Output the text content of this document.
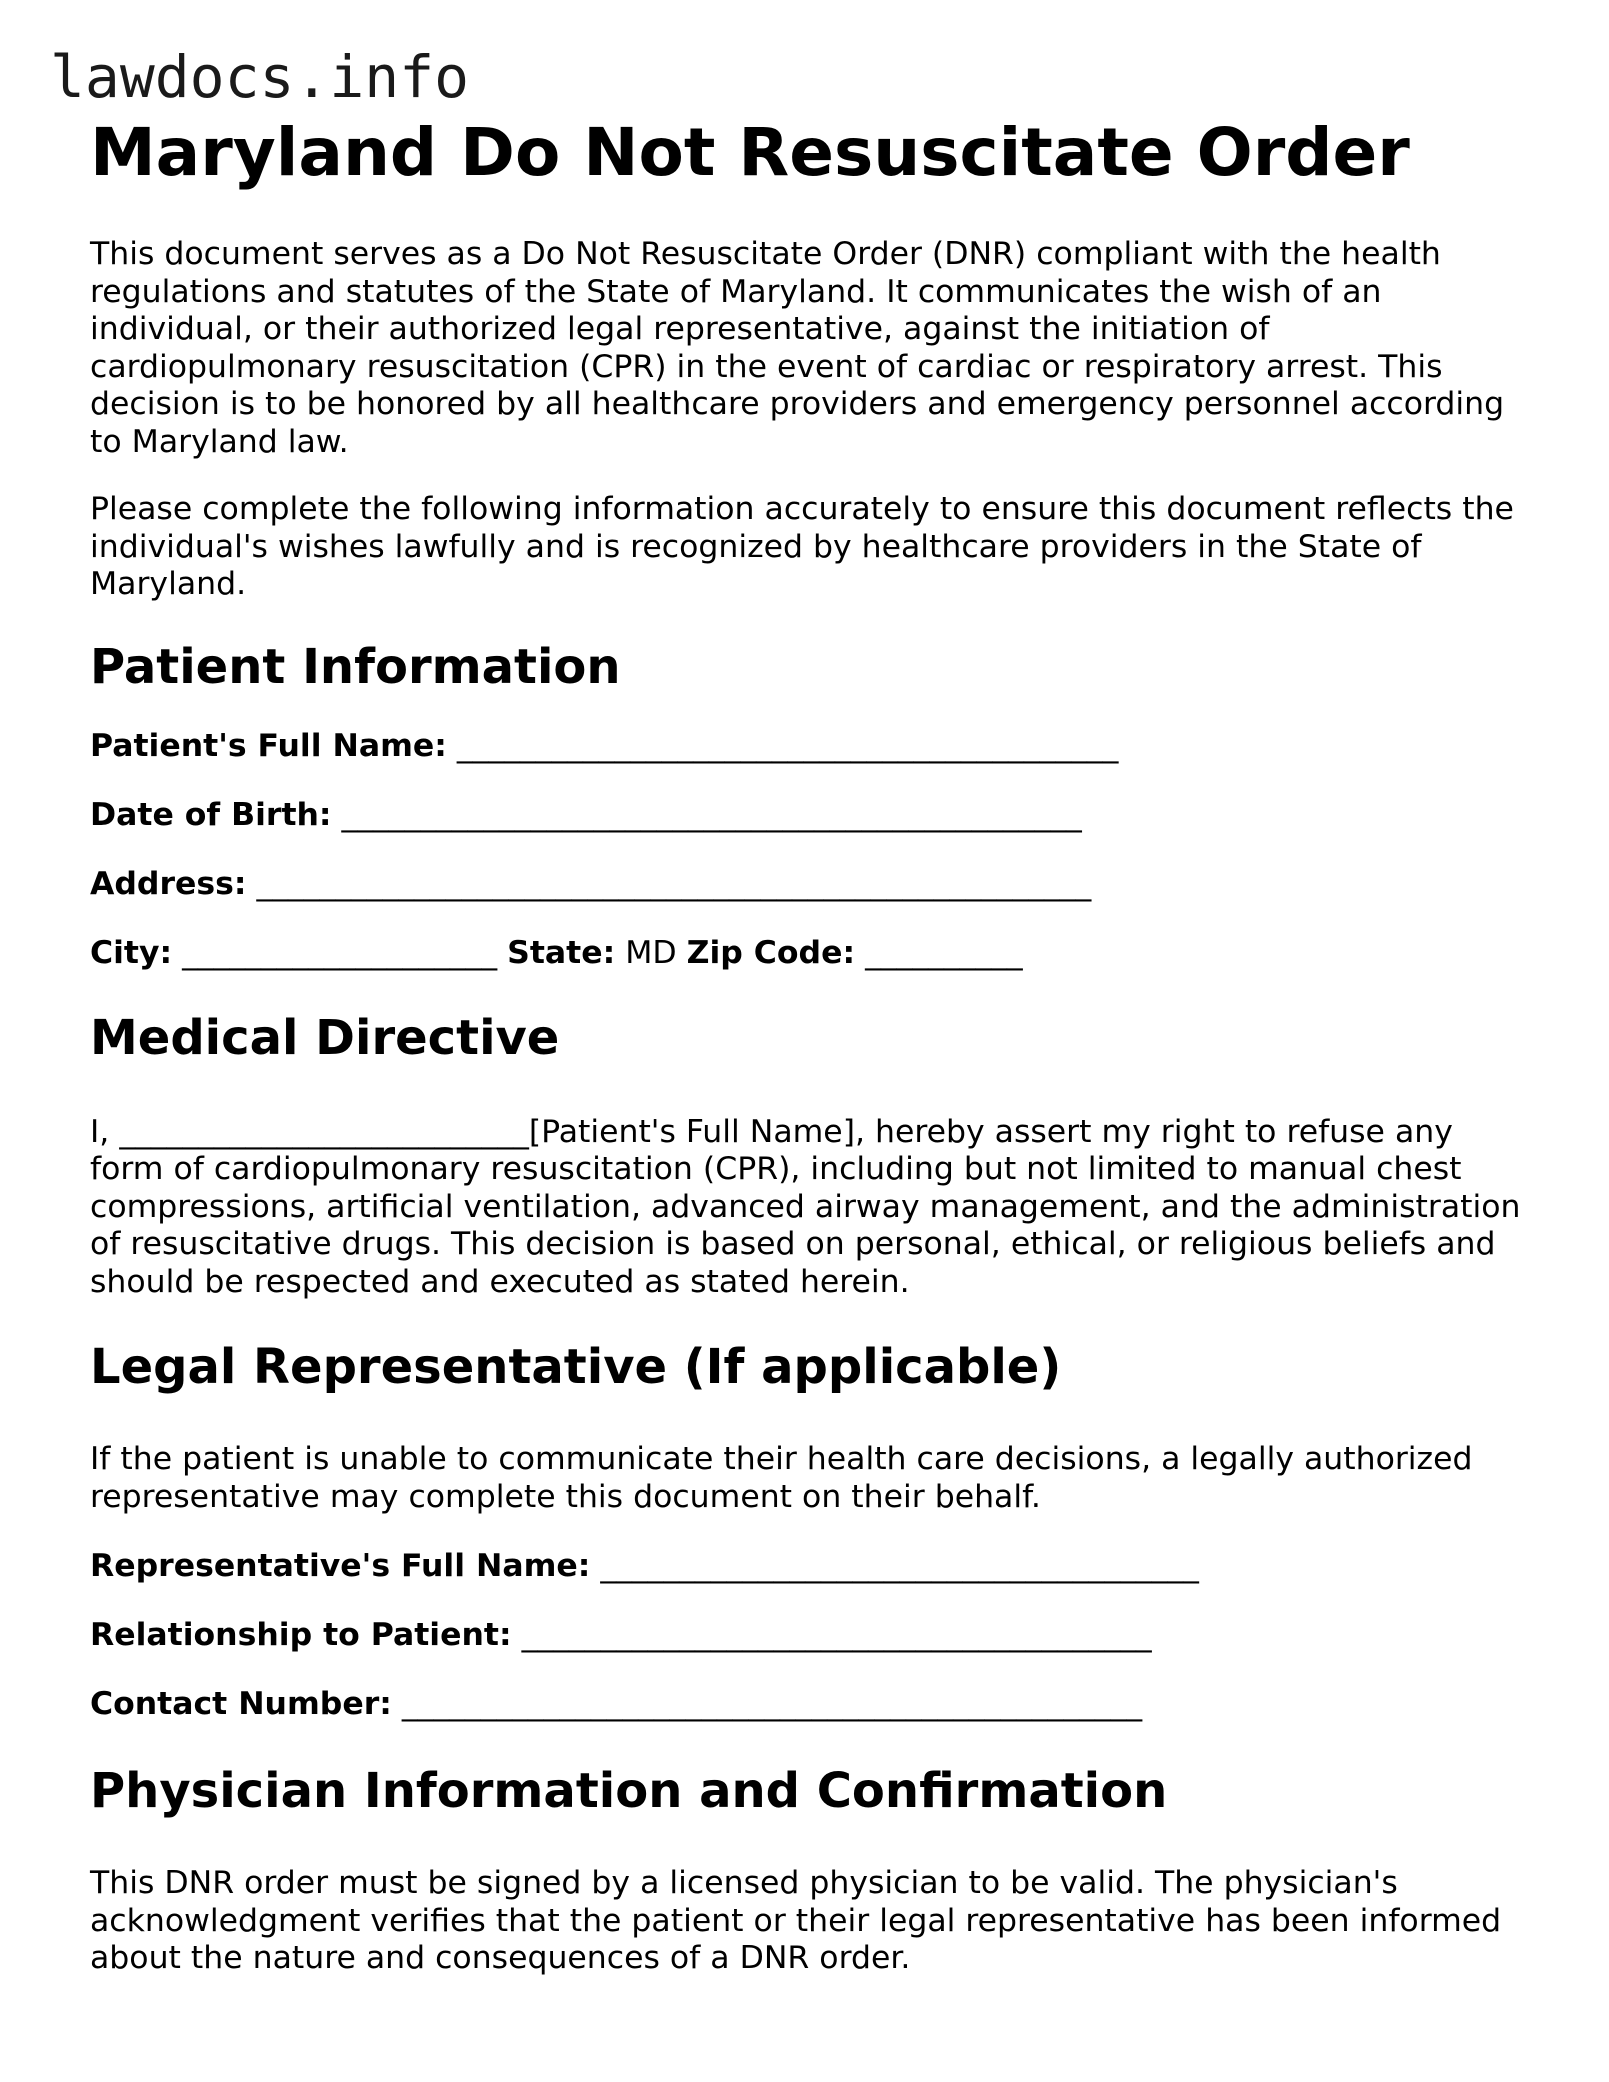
lawdocs.info
Maryland Do Not Resuscitate Order

This document serves as a Do Not Resuscitate Order (DNR) compliant with the health regulations and statutes of the State of Maryland. It communicates the wish of an individual, or their authorized legal representative, against the initiation of cardiopulmonary resuscitation (CPR) in the event of cardiac or respiratory arrest. This decision is to be honored by all healthcare providers and emergency personnel according to Maryland law.

Please complete the following information accurately to ensure this document reflects the individual's wishes lawfully and is recognized by healthcare providers in the State of Maryland.

Patient Information
Patient's Full Name: __________________________________________
Date of Birth: _______________________________________________
Address: _____________________________________________________
City: ____________________ State: MD Zip Code: __________
Medical Directive

I, __________________________[Patient's Full Name], hereby assert my right to refuse any form of cardiopulmonary resuscitation (CPR), including but not limited to manual chest compressions, artificial ventilation, advanced airway management, and the administration of resuscitative drugs. This decision is based on personal, ethical, or religious beliefs and should be respected and executed as stated herein.

Legal Representative (If applicable)

If the patient is unable to communicate their health care decisions, a legally authorized representative may complete this document on their behalf.

Representative's Full Name: ______________________________________
Relationship to Patient: ________________________________________
Contact Number: _______________________________________________
Physician Information and Confirmation

This DNR order must be signed by a licensed physician to be valid. The physician's acknowledgment verifies that the patient or their legal representative has been informed about the nature and consequences of a DNR order.
